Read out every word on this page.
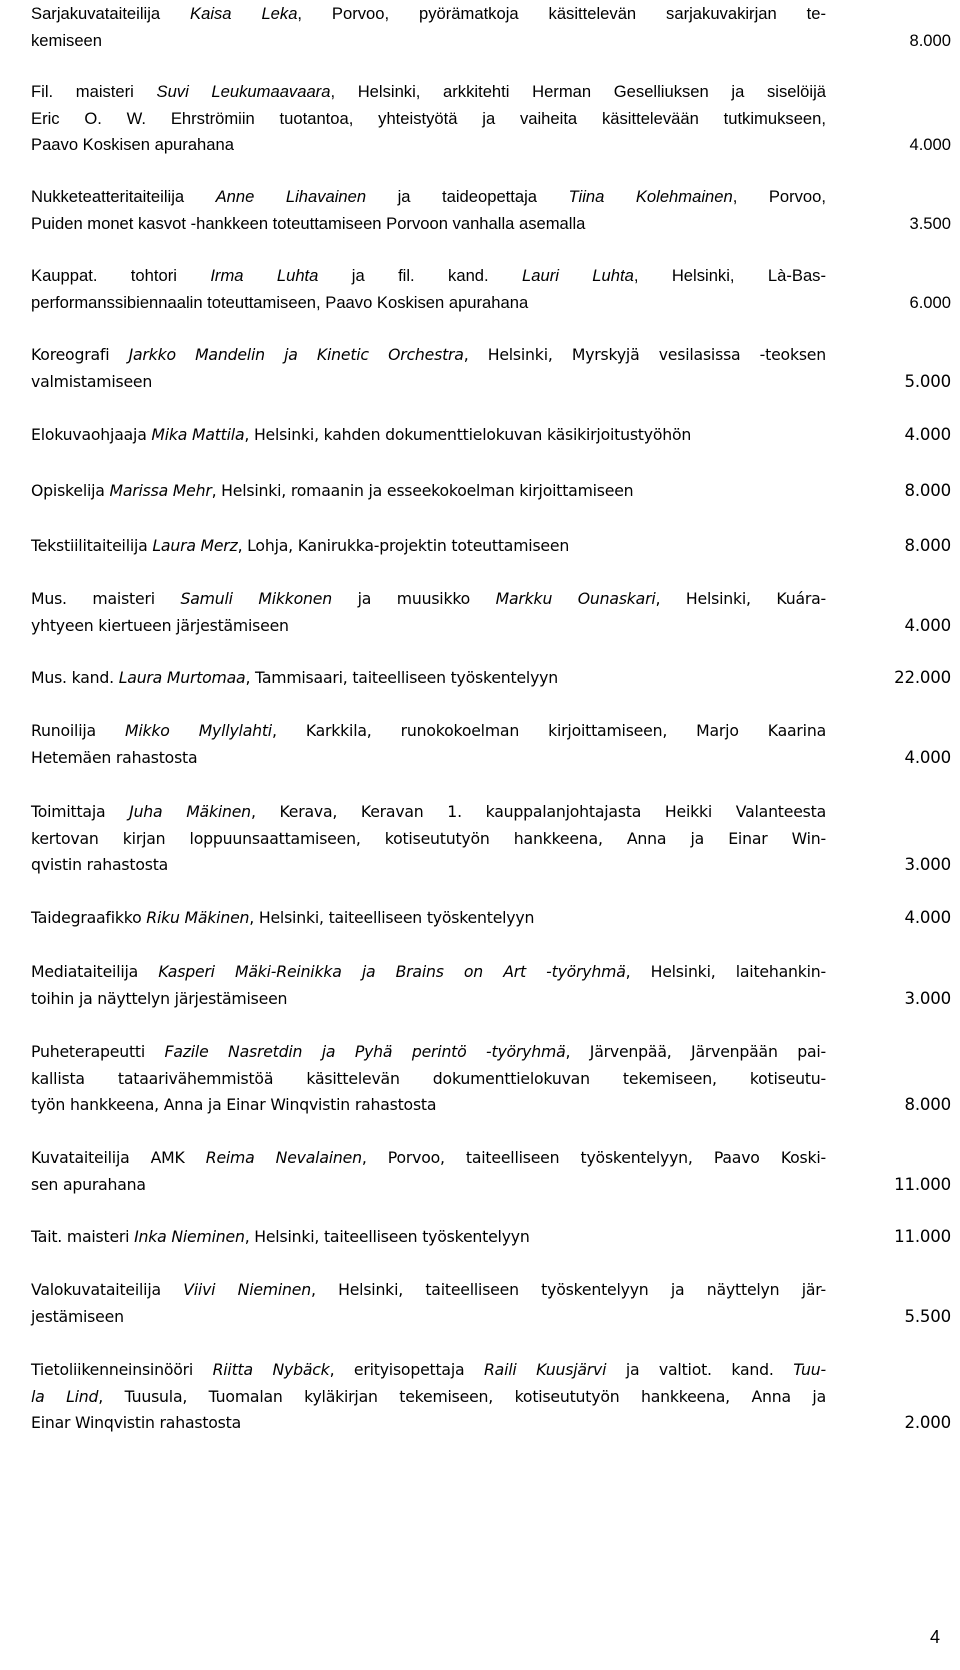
Sarjakuvataiteilija Kaisa Leka, Porvoo, pyörämatkoja käsittelevän sarjakuvakirjan te-
kemiseen	8.000
Fil. maisteri Suvi Leukumaavaara, Helsinki, arkkitehti Herman Geselliuksen ja siselöijä
Eric O. W. Ehrströmiin tuotantoa, yhteistyötä ja vaiheita käsittelevään tutkimukseen,
Paavo Koskisen apurahana	4.000
Nukketeatteritaiteilija Anne Lihavainen ja taideopettaja Tiina Kolehmainen, Porvoo,
Puiden monet kasvot -hankkeen toteuttamiseen Porvoon vanhalla asemalla	3.500
Kauppat. tohtori Irma Luhta ja fil. kand. Lauri Luhta, Helsinki, Là-Bas-
performanssibiennaalin toteuttamiseen, Paavo Koskisen apurahana	6.000
Koreografi Jarkko Mandelin ja Kinetic Orchestra, Helsinki, Myrskyjä vesilasissa -teoksen
valmistamiseen	5.000
Elokuvaohjaaja Mika Mattila, Helsinki, kahden dokumenttielokuvan käsikirjoitustyöhön	4.000
Opiskelija Marissa Mehr, Helsinki, romaanin ja esseekokoelman kirjoittamiseen	8.000
Tekstiilitaiteilija Laura Merz, Lohja, Kanirukka-projektin toteuttamiseen	8.000
Mus. maisteri Samuli Mikkonen ja muusikko Markku Ounaskari, Helsinki, Kuára-
yhtyeen kiertueen järjestämiseen	4.000
Mus. kand. Laura Murtomaa, Tammisaari, taiteelliseen työskentelyyn	22.000
Runoilija Mikko Myllylahti, Karkkila, runokokoelman kirjoittamiseen, Marjo Kaarina
Hetemäen rahastosta	4.000
Toimittaja Juha Mäkinen, Kerava, Keravan 1. kauppalanjohtajasta Heikki Valanteesta
kertovan kirjan loppuunsaattamiseen, kotiseututyön hankkeena, Anna ja Einar Win-
qvistin rahastosta	3.000
Taidegraafikko Riku Mäkinen, Helsinki, taiteelliseen työskentelyyn	4.000
Mediataiteilija Kasperi Mäki-Reinikka ja Brains on Art -työryhmä, Helsinki, laitehankin-
toihin ja näyttelyn järjestämiseen	3.000
Puheterapeutti Fazile Nasretdin ja Pyhä perintö -työryhmä, Järvenpää, Järvenpään pai-
kallista tataarivähemmistöä käsittelevän dokumenttielokuvan tekemiseen, kotiseutu-
työn hankkeena, Anna ja Einar Winqvistin rahastosta	8.000
Kuvataiteilija AMK Reima Nevalainen, Porvoo, taiteelliseen työskentelyyn, Paavo Koski-
sen apurahana	11.000
Tait. maisteri Inka Nieminen, Helsinki, taiteelliseen työskentelyyn	11.000
Valokuvataiteilija Viivi Nieminen, Helsinki, taiteelliseen työskentelyyn ja näyttelyn jär-
jestämiseen	5.500
Tietoliikenneinsinööri Riitta Nybäck, erityisopettaja Raili Kuusjärvi ja valtiot. kand. Tuu-
la Lind, Tuusula, Tuomalan kyläkirjan tekemiseen, kotiseututyön hankkeena, Anna ja
Einar Winqvistin rahastosta	2.000
4
